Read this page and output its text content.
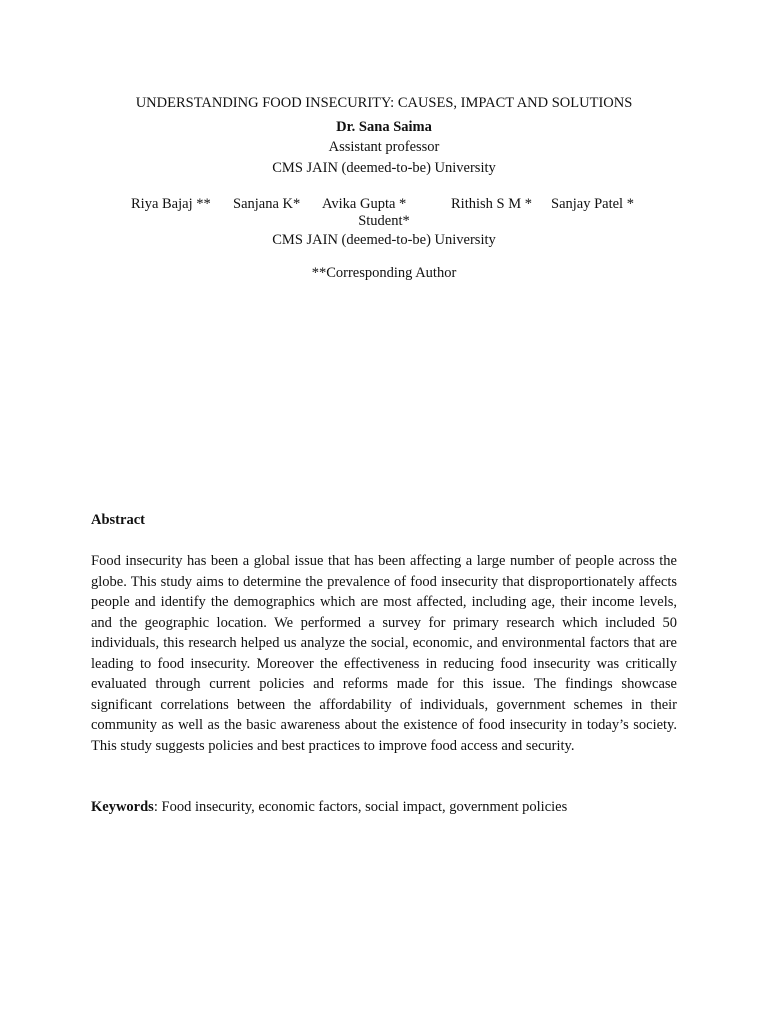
UNDERSTANDING FOOD INSECURITY: CAUSES, IMPACT AND SOLUTIONS
Dr. Sana Saima
Assistant professor
CMS JAIN (deemed-to-be) University
Riya Bajaj ** Sanjana K* Avika Gupta *	Rithish S M * Sanjay Patel *
Student*
CMS JAIN (deemed-to-be) University
**Corresponding Author
Abstract

Food insecurity has been a global issue that has been affecting a large number of people across the globe. This study aims to determine the prevalence of food insecurity that disproportionately affects people and identify the demographics which are most affected, including age, their income levels, and the geographic location. We performed a survey for primary research which included 50 individuals, this research helped us analyze the social, economic, and environmental factors that are leading to food insecurity. Moreover the effectiveness in reducing food insecurity was critically evaluated through current policies and reforms made for this issue. The findings showcase significant correlations between the affordability of individuals, government schemes in their community as well as the basic awareness about the existence of food insecurity in today’s society. This study suggests policies and best practices to improve food access and security.

Keywords: Food insecurity, economic factors, social impact, government policies
